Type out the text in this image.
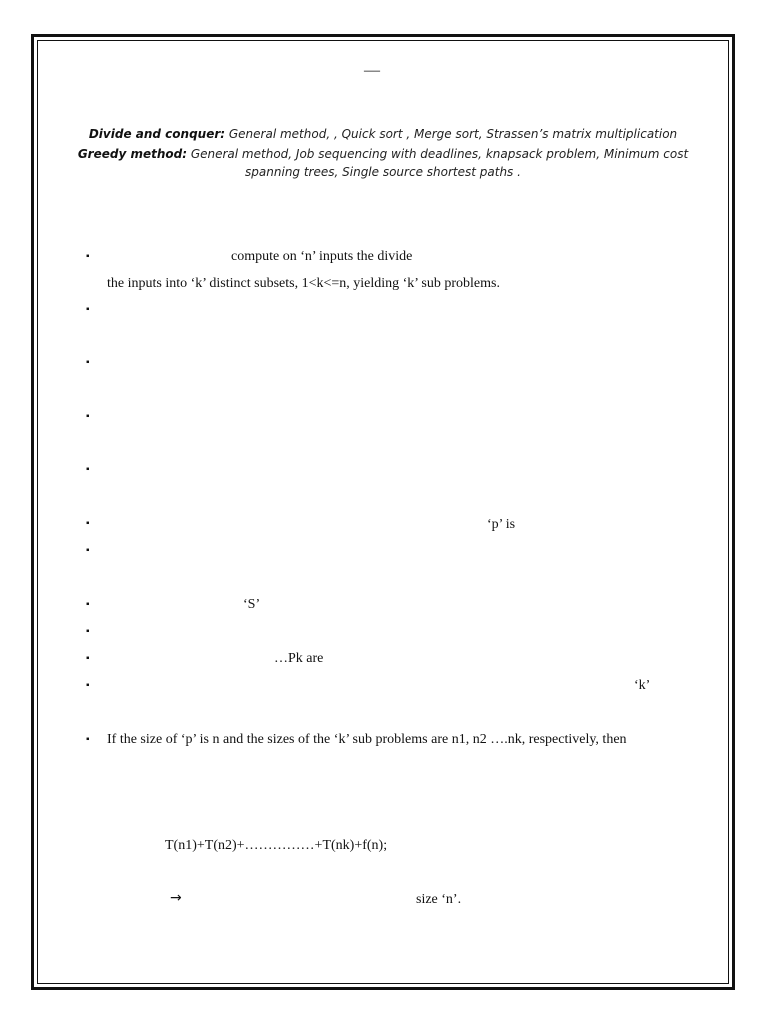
—
Divide and conquer: General method, , Quick sort , Merge sort, Strassen’s matrix multiplication
Greedy method: General method, Job sequencing with deadlines, knapsack problem, Minimum cost spanning trees, Single source shortest paths .
▪	compute on ‘n’ inputs the divide
the inputs into ‘k’ distinct subsets, 1<k<=n, yielding ‘k’ sub problems.
▪
▪
▪
▪
▪	‘p’ is
▪
▪	‘S’
▪
▪	…Pk are
▪	‘k’
▪ If the size of ‘p’ is n and the sizes of the ‘k’ sub problems are n1, n2 ….nk, respectively, then
T(n1)+T(n2)+……………+T(nk)+f(n);
→	size ‘n’.
